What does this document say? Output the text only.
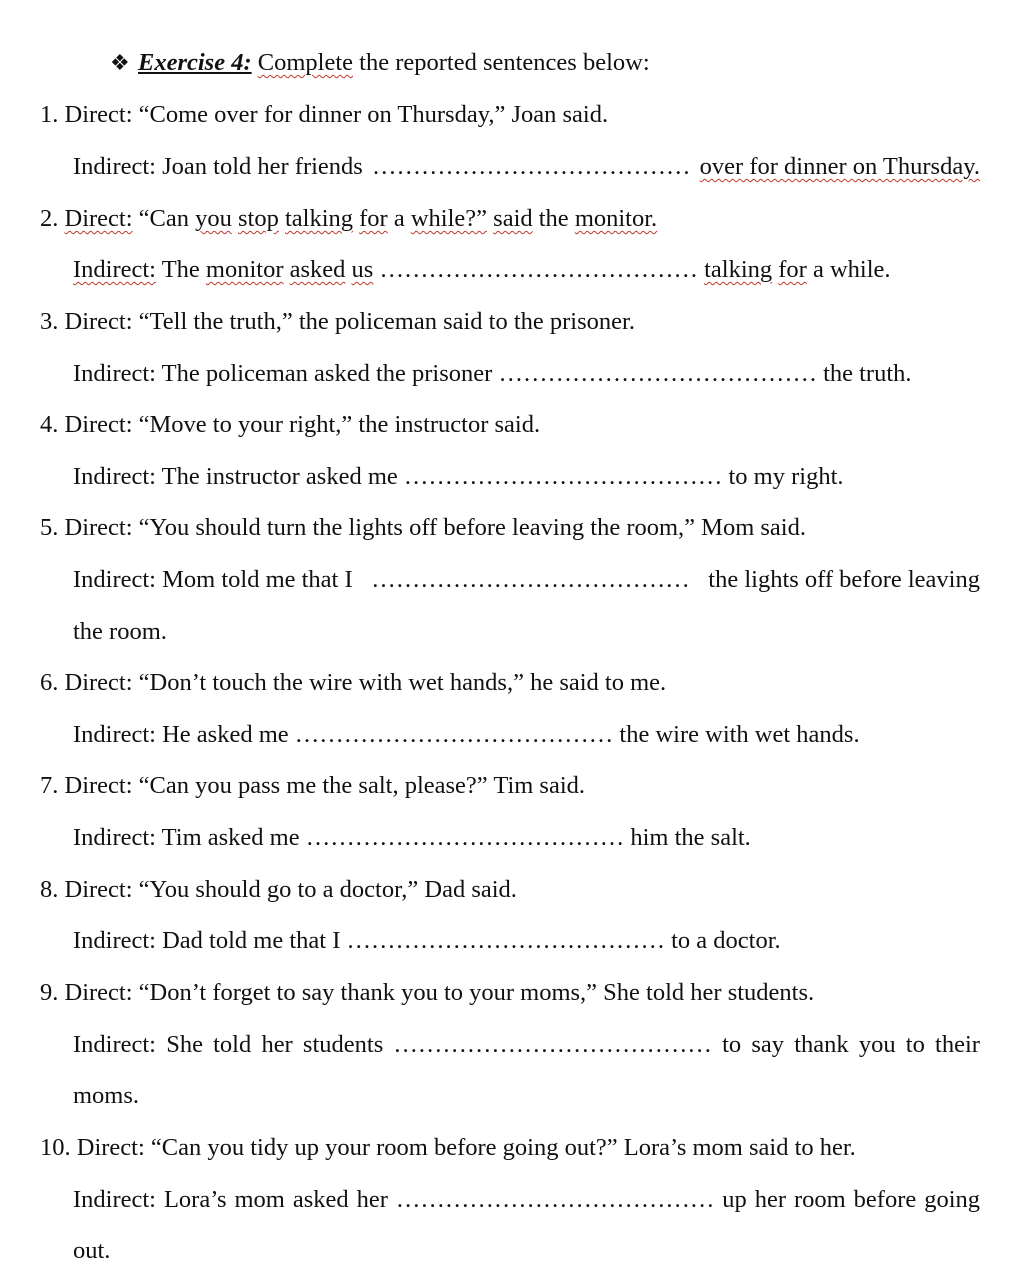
❖ Exercise 4: Complete the reported sentences below:
1. Direct: “Come over for dinner on Thursday,” Joan said.
Indirect: Joan told her friends ………………………………… over for dinner on Thursday.
2. Direct: “Can you stop talking for a while?” said the monitor.
Indirect: The monitor asked us ………………………………… talking for a while.
3. Direct: “Tell the truth,” the policeman said to the prisoner.
Indirect: The policeman asked the prisoner ………………………………… the truth.
4. Direct: “Move to your right,” the instructor said.
Indirect: The instructor asked me ………………………………… to my right.
5. Direct: “You should turn the lights off before leaving the room,” Mom said.
Indirect: Mom told me that I ………………………………… the lights off before leaving
the room.
6. Direct: “Don’t touch the wire with wet hands,” he said to me.
Indirect: He asked me ………………………………… the wire with wet hands.
7. Direct: “Can you pass me the salt, please?” Tim said.
Indirect: Tim asked me ………………………………… him the salt.
8. Direct: “You should go to a doctor,” Dad said.
Indirect: Dad told me that I ………………………………… to a doctor.
9. Direct: “Don’t forget to say thank you to your moms,” She told her students.
Indirect: She told her students ………………………………… to say thank you to their
moms.
10. Direct: “Can you tidy up your room before going out?” Lora’s mom said to her.
Indirect: Lora’s mom asked her ………………………………… up her room before going
out.
